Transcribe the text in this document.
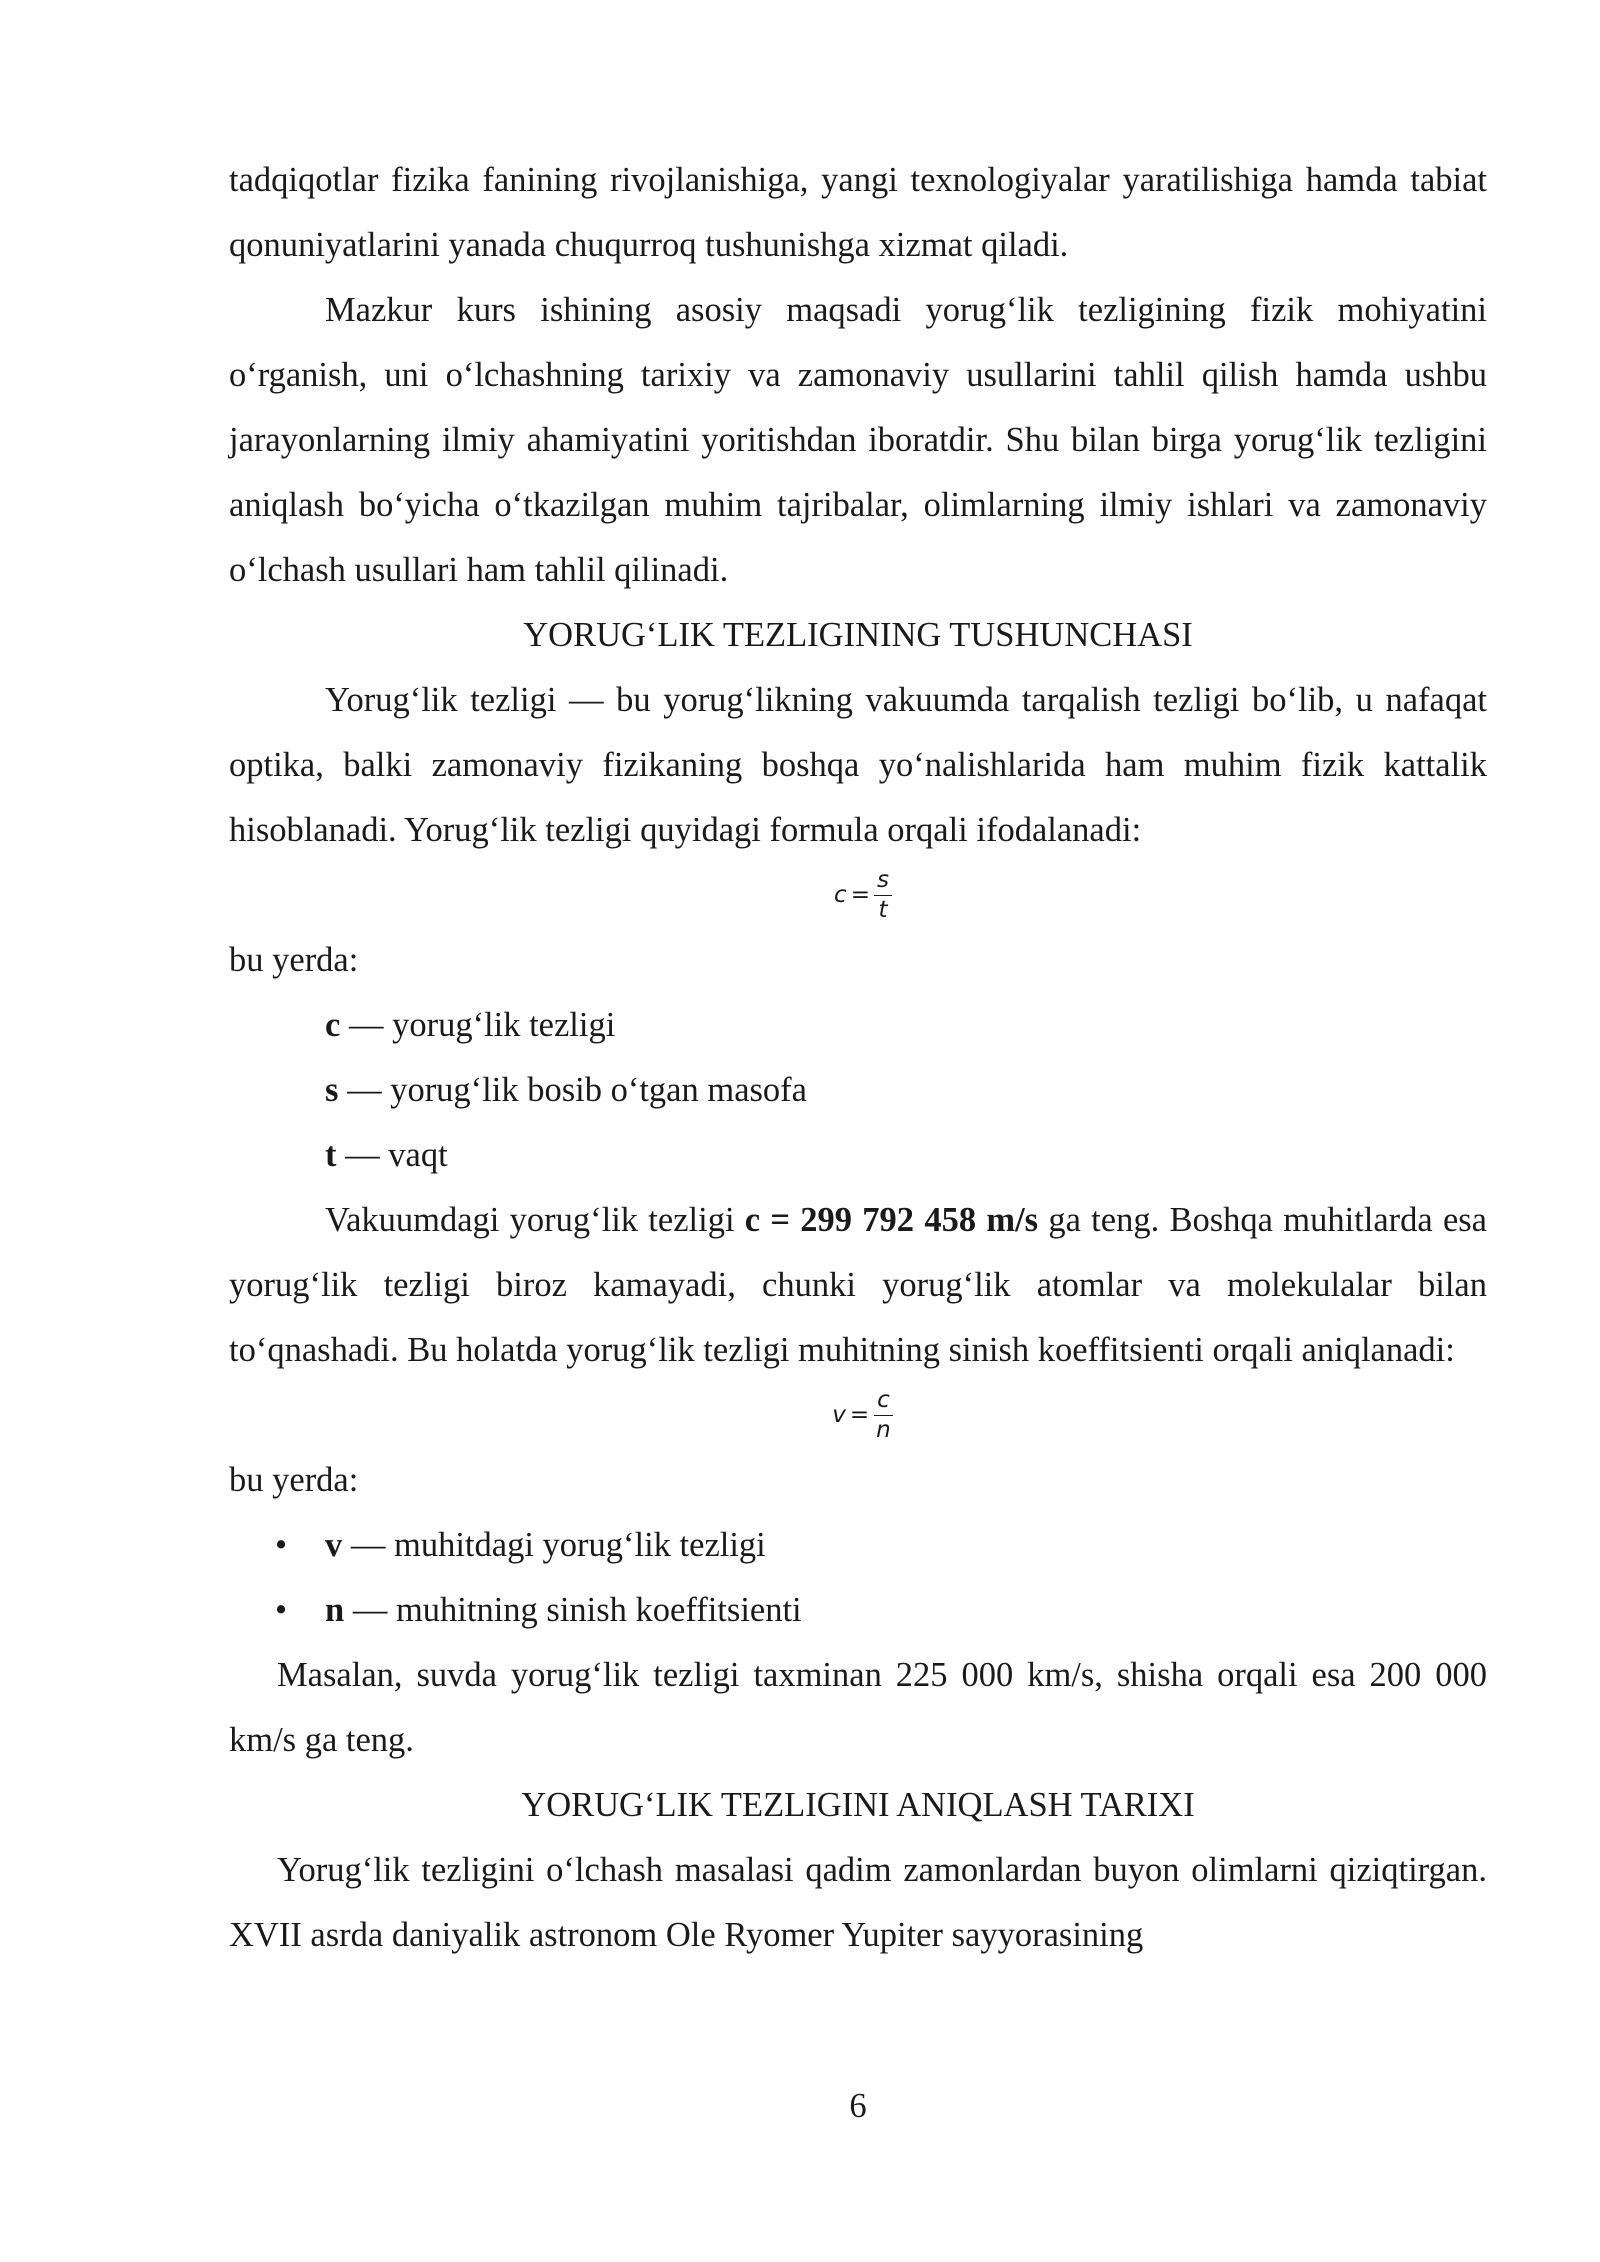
tadqiqotlar fizika fanining rivojlanishiga, yangi texnologiyalar yaratilishiga hamda tabiat qonuniyatlarini yanada chuqurroq tushunishga xizmat qiladi.

Mazkur kurs ishining asosiy maqsadi yorug‘lik tezligining fizik mohiyatini o‘rganish, uni o‘lchashning tarixiy va zamonaviy usullarini tahlil qilish hamda ushbu jarayonlarning ilmiy ahamiyatini yoritishdan iboratdir. Shu bilan birga yorug‘lik tezligini aniqlash bo‘yicha o‘tkazilgan muhim tajribalar, olimlarning ilmiy ishlari va zamonaviy o‘lchash usullari ham tahlil qilinadi.

YORUG‘LIK TEZLIGINING TUSHUNCHASI

Yorug‘lik tezligi — bu yorug‘likning vakuumda tarqalish tezligi bo‘lib, u nafaqat optika, balki zamonaviy fizikaning boshqa yo‘nalishlarida ham muhim fizik kattalik hisoblanadi. Yorug‘lik tezligi quyidagi formula orqali ifodalanadi:

$c = \frac{s}{t}$

bu yerda:

c — yorug‘lik tezligi

s — yorug‘lik bosib o‘tgan masofa

t — vaqt

Vakuumdagi yorug‘lik tezligi c = 299 792 458 m/s ga teng. Boshqa muhitlarda esa yorug‘lik tezligi biroz kamayadi, chunki yorug‘lik atomlar va molekulalar bilan to‘qnashadi. Bu holatda yorug‘lik tezligi muhitning sinish koeffitsienti orqali aniqlanadi:

$v = \frac{c}{n}$

bu yerda:

• v — muhitdagi yorug‘lik tezligi

• n — muhitning sinish koeffitsienti

Masalan, suvda yorug‘lik tezligi taxminan 225 000 km/s, shisha orqali esa 200 000 km/s ga teng.

YORUG‘LIK TEZLIGINI ANIQLASH TARIXI

Yorug‘lik tezligini o‘lchash masalasi qadim zamonlardan buyon olimlarni qiziqtirgan. XVII asrda daniyalik astronom Ole Ryomer Yupiter sayyorasining

6
